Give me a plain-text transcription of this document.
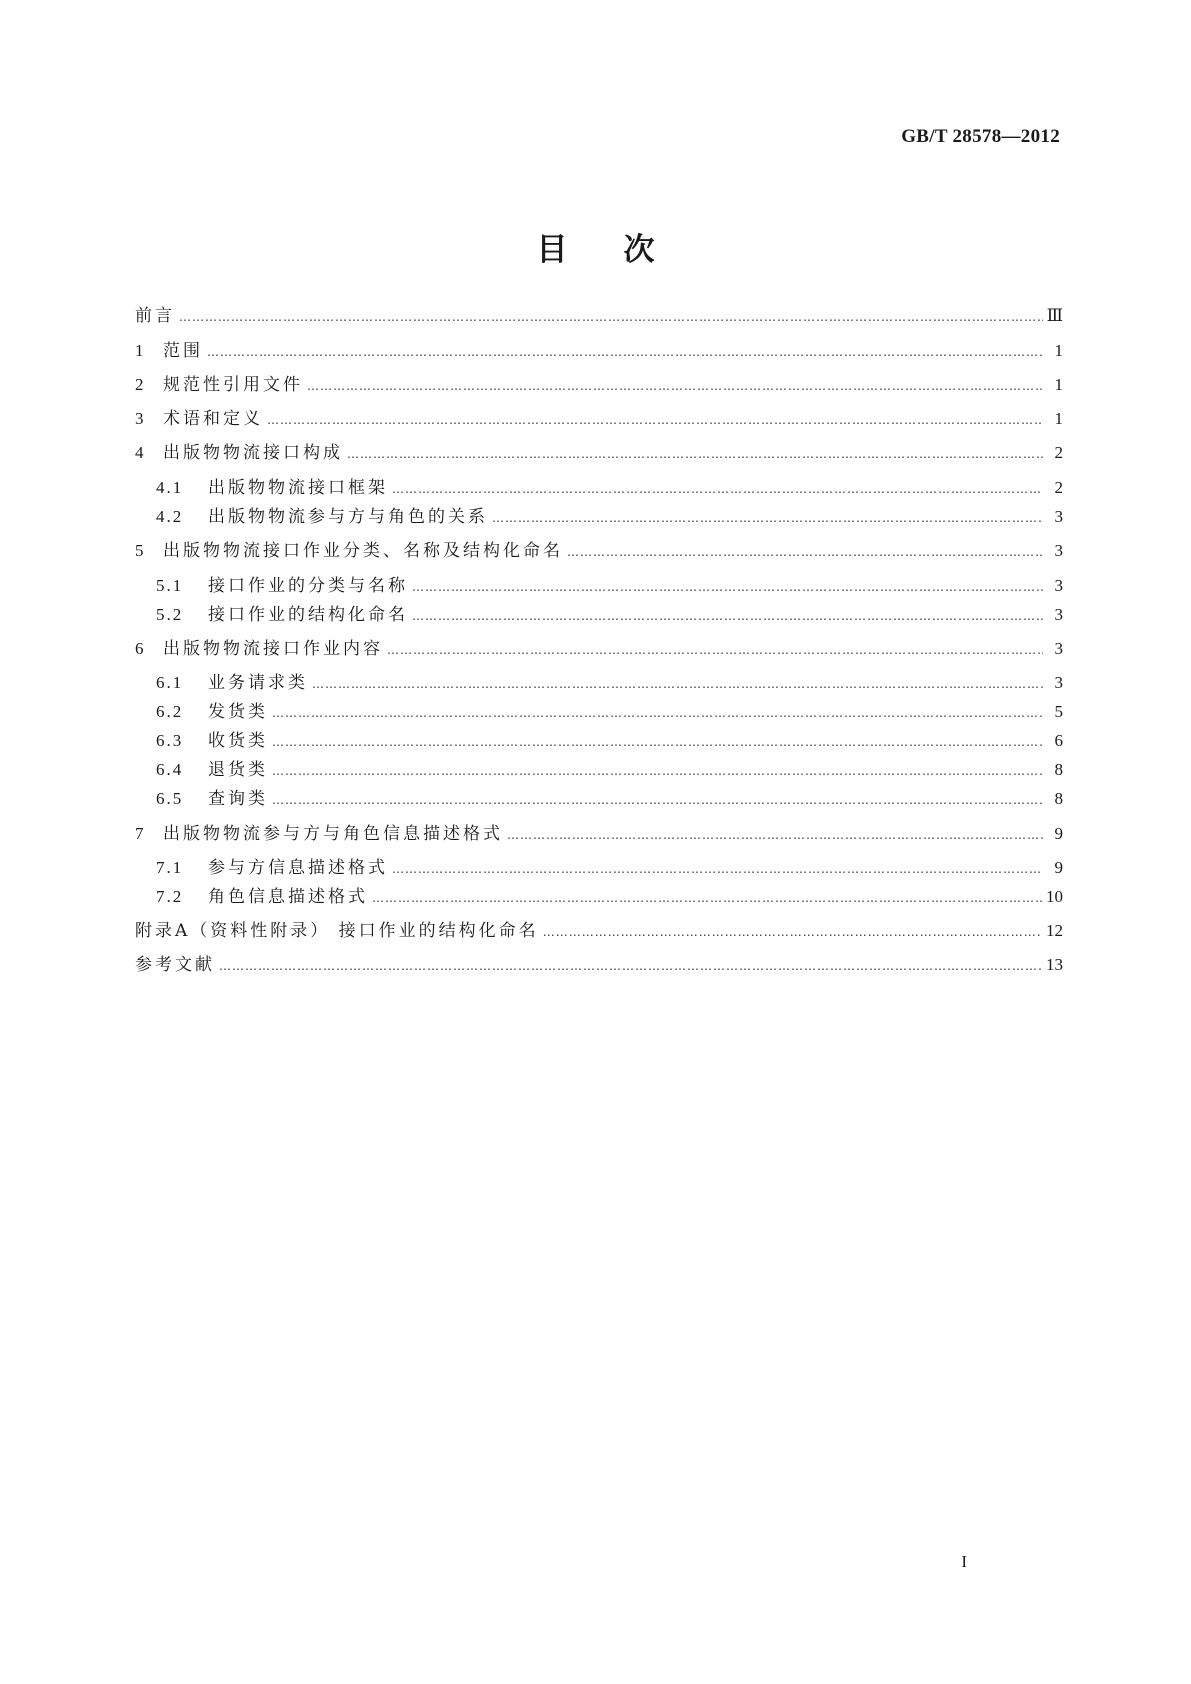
GB/T 28578—2012
目次
前言 ……………………………………………………………………………………………………………………………………………………………………………………………………………………………………	Ⅲ
1	范围 ……………………………………………………………………………………………………………………………………………………………………………………………………………………………………	1
2	规范性引用文件 ……………………………………………………………………………………………………………………………………………………………………………………………………………………………………	1
3	术语和定义 ……………………………………………………………………………………………………………………………………………………………………………………………………………………………………	1
4	出版物物流接口构成 ……………………………………………………………………………………………………………………………………………………………………………………………………………………………………	2
4.1	出版物物流接口框架 ……………………………………………………………………………………………………………………………………………………………………………………………………………………………………	2
4.2	出版物物流参与方与角色的关系 ……………………………………………………………………………………………………………………………………………………………………………………………………………………………………	3
5	出版物物流接口作业分类、名称及结构化命名 ……………………………………………………………………………………………………………………………………………………………………………………………………………………………………	3
5.1	接口作业的分类与名称 ……………………………………………………………………………………………………………………………………………………………………………………………………………………………………	3
5.2	接口作业的结构化命名 ……………………………………………………………………………………………………………………………………………………………………………………………………………………………………	3
6	出版物物流接口作业内容 ……………………………………………………………………………………………………………………………………………………………………………………………………………………………………	3
6.1	业务请求类 ……………………………………………………………………………………………………………………………………………………………………………………………………………………………………	3
6.2	发货类 ……………………………………………………………………………………………………………………………………………………………………………………………………………………………………	5
6.3	收货类 ……………………………………………………………………………………………………………………………………………………………………………………………………………………………………	6
6.4	退货类 ……………………………………………………………………………………………………………………………………………………………………………………………………………………………………	8
6.5	查询类 ……………………………………………………………………………………………………………………………………………………………………………………………………………………………………	8
7	出版物物流参与方与角色信息描述格式 ……………………………………………………………………………………………………………………………………………………………………………………………………………………………………	9
7.1	参与方信息描述格式 ……………………………………………………………………………………………………………………………………………………………………………………………………………………………………	9
7.2	角色信息描述格式 ……………………………………………………………………………………………………………………………………………………………………………………………………………………………………	10
附录A（资料性附录） 接口作业的结构化命名 ……………………………………………………………………………………………………………………………………………………………………………………………………………………………………	12
参考文献 ……………………………………………………………………………………………………………………………………………………………………………………………………………………………………	13
I
